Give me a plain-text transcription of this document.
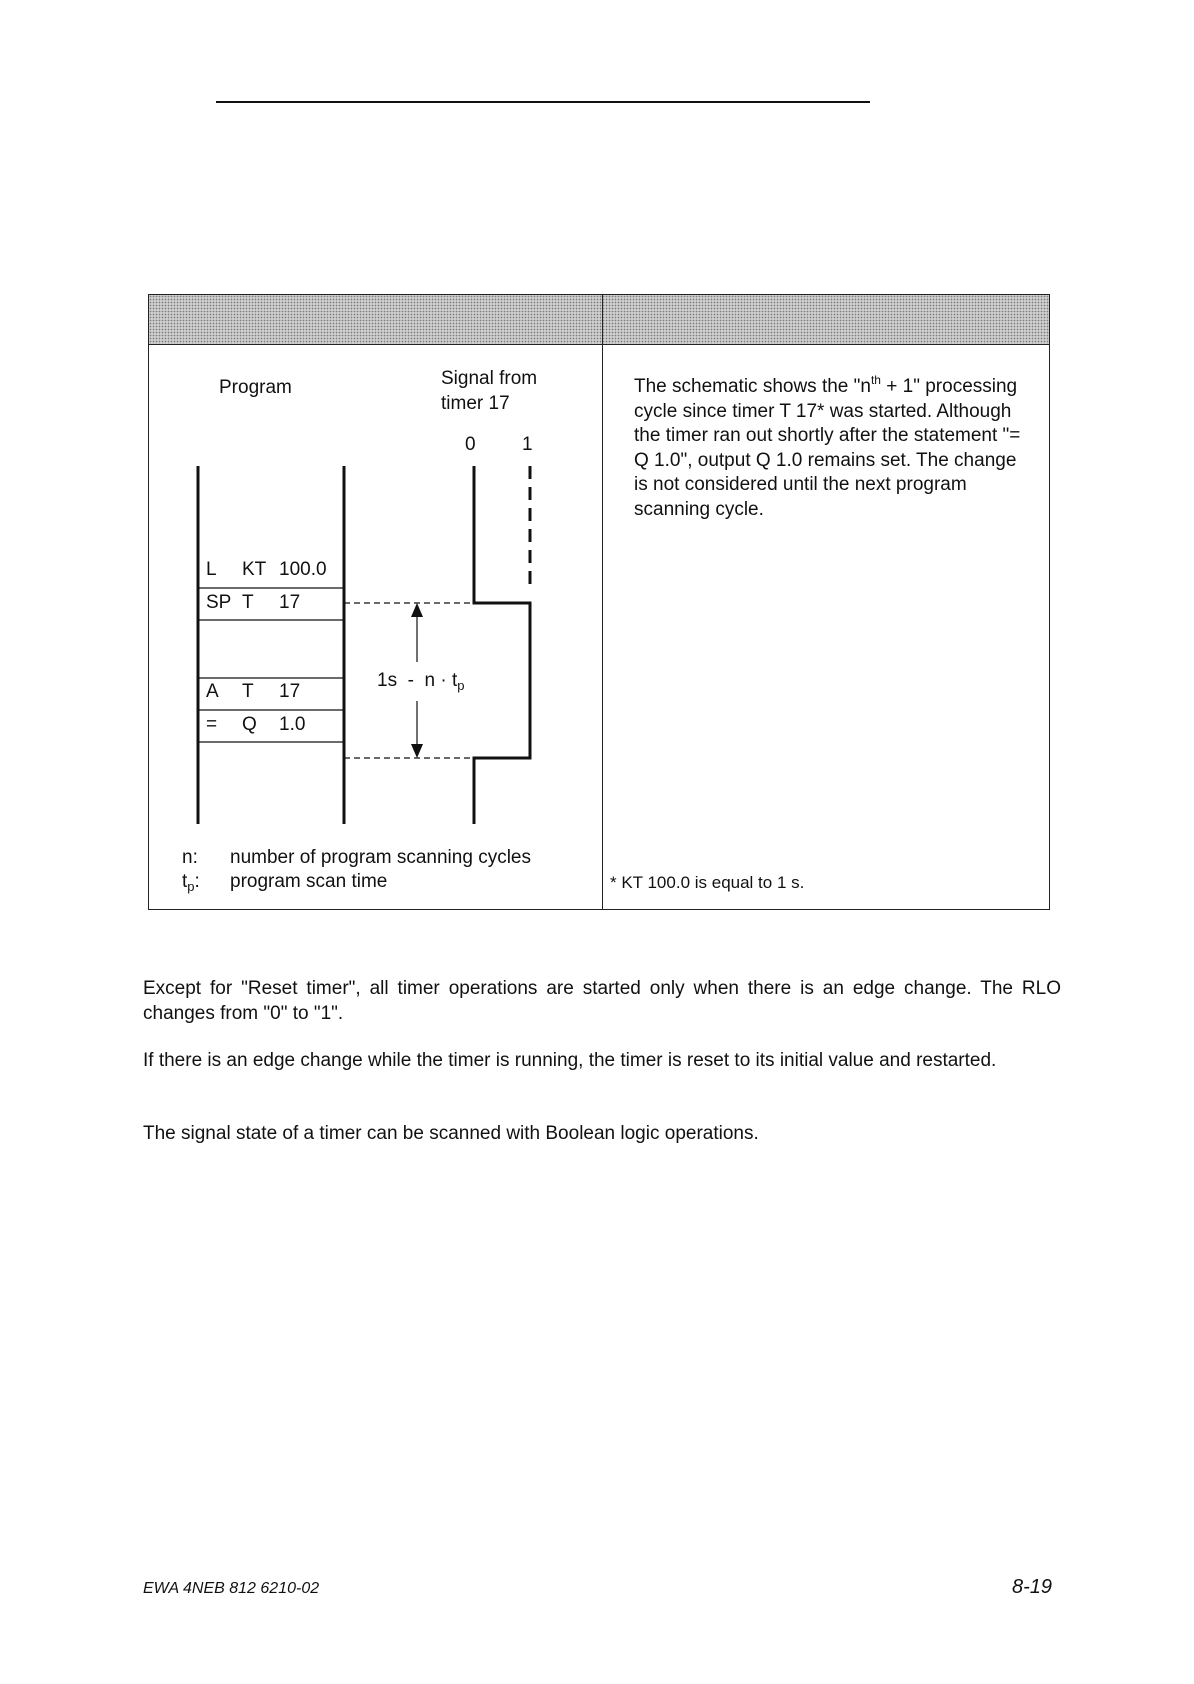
Program	Signal from
timer 17
0 1
L KT 100.0
SP T 17
A T 17
= Q 1.0
$1s - n \cdot t_p$
n: number of program scanning cycles
$t_p$: program scan time
The schematic shows the "$n^{th} + 1$" processing cycle since timer T 17* was started. Although the timer ran out shortly after the statement "= Q 1.0", output Q 1.0 remains set. The change is not considered until the next program scanning cycle.
* KT 100.0 is equal to 1 s.

Except for "Reset timer", all timer operations are started only when there is an edge change. The RLO changes from "0" to "1".

If there is an edge change while the timer is running, the timer is reset to its initial value and restarted.

The signal state of a timer can be scanned with Boolean logic operations.

EWA 4NEB 812 6210-02	8-19
